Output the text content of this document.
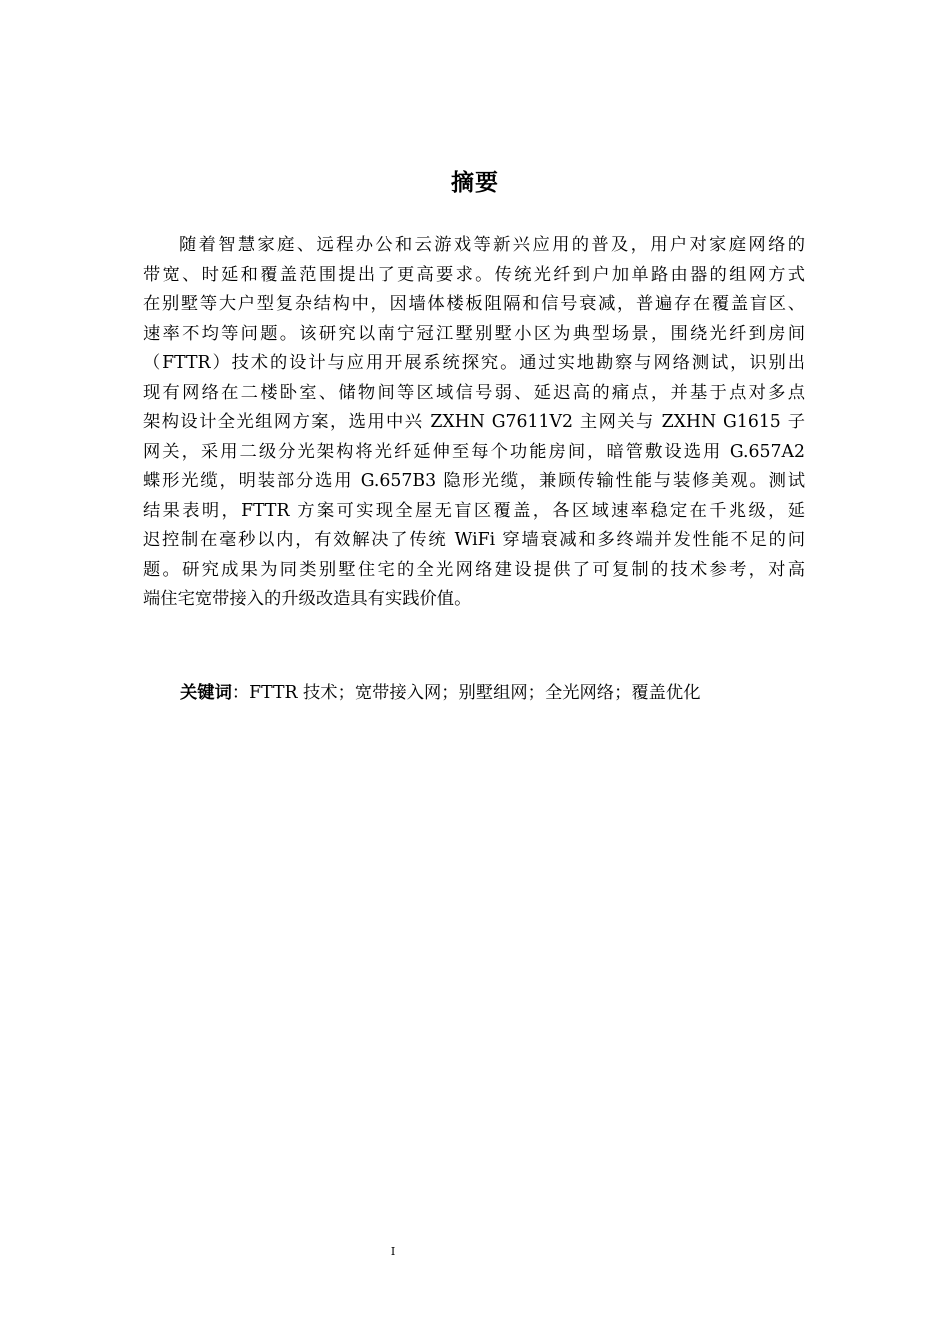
摘要
随着智慧家庭、远程办公和云游戏等新兴应用的普及，用户对家庭网络的
带宽、时延和覆盖范围提出了更高要求。传统光纤到户加单路由器的组网方式
在别墅等大户型复杂结构中，因墙体楼板阻隔和信号衰减，普遍存在覆盖盲区、
速率不均等问题。该研究以南宁冠江墅别墅小区为典型场景，围绕光纤到房间
（FTTR）技术的设计与应用开展系统探究。通过实地勘察与网络测试，识别出
现有网络在二楼卧室、储物间等区域信号弱、延迟高的痛点，并基于点对多点
架构设计全光组网方案，选用中兴 ZXHN G7611V2 主网关与 ZXHN G1615 子
网关，采用二级分光架构将光纤延伸至每个功能房间，暗管敷设选用 G.657A2
蝶形光缆，明装部分选用 G.657B3 隐形光缆，兼顾传输性能与装修美观。测试
结果表明，FTTR 方案可实现全屋无盲区覆盖，各区域速率稳定在千兆级，延
迟控制在毫秒以内，有效解决了传统 WiFi 穿墙衰减和多终端并发性能不足的问
题。研究成果为同类别墅住宅的全光网络建设提供了可复制的技术参考，对高
端住宅宽带接入的升级改造具有实践价值。
关键词：FTTR 技术；宽带接入网；别墅组网；全光网络；覆盖优化
I
